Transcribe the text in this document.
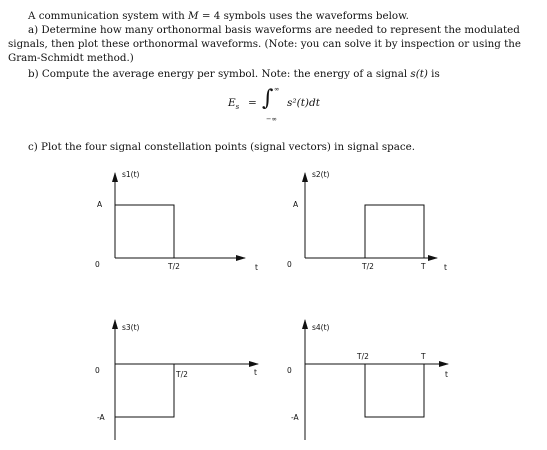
A communication system with M = 4 symbols uses the waveforms below.
a) Determine how many orthonormal basis waveforms are needed to represent the modulated
signals, then plot these orthonormal waveforms. (Note: you can solve it by inspection or using the
Gram-Schmidt method.)
b) Compute the average energy per symbol. Note: the energy of a signal s(t) is
$E_s$ = ∫ ∞
−∞
s²(t)dt
c) Plot the four signal constellation points (signal vectors) in signal space.
s1(t)
A
0	T/2	t
s2(t)
A
0	T/2	T t
s3(t)
0
-A
T/2	t
s4(t)
0
-A
T/2	T
t
